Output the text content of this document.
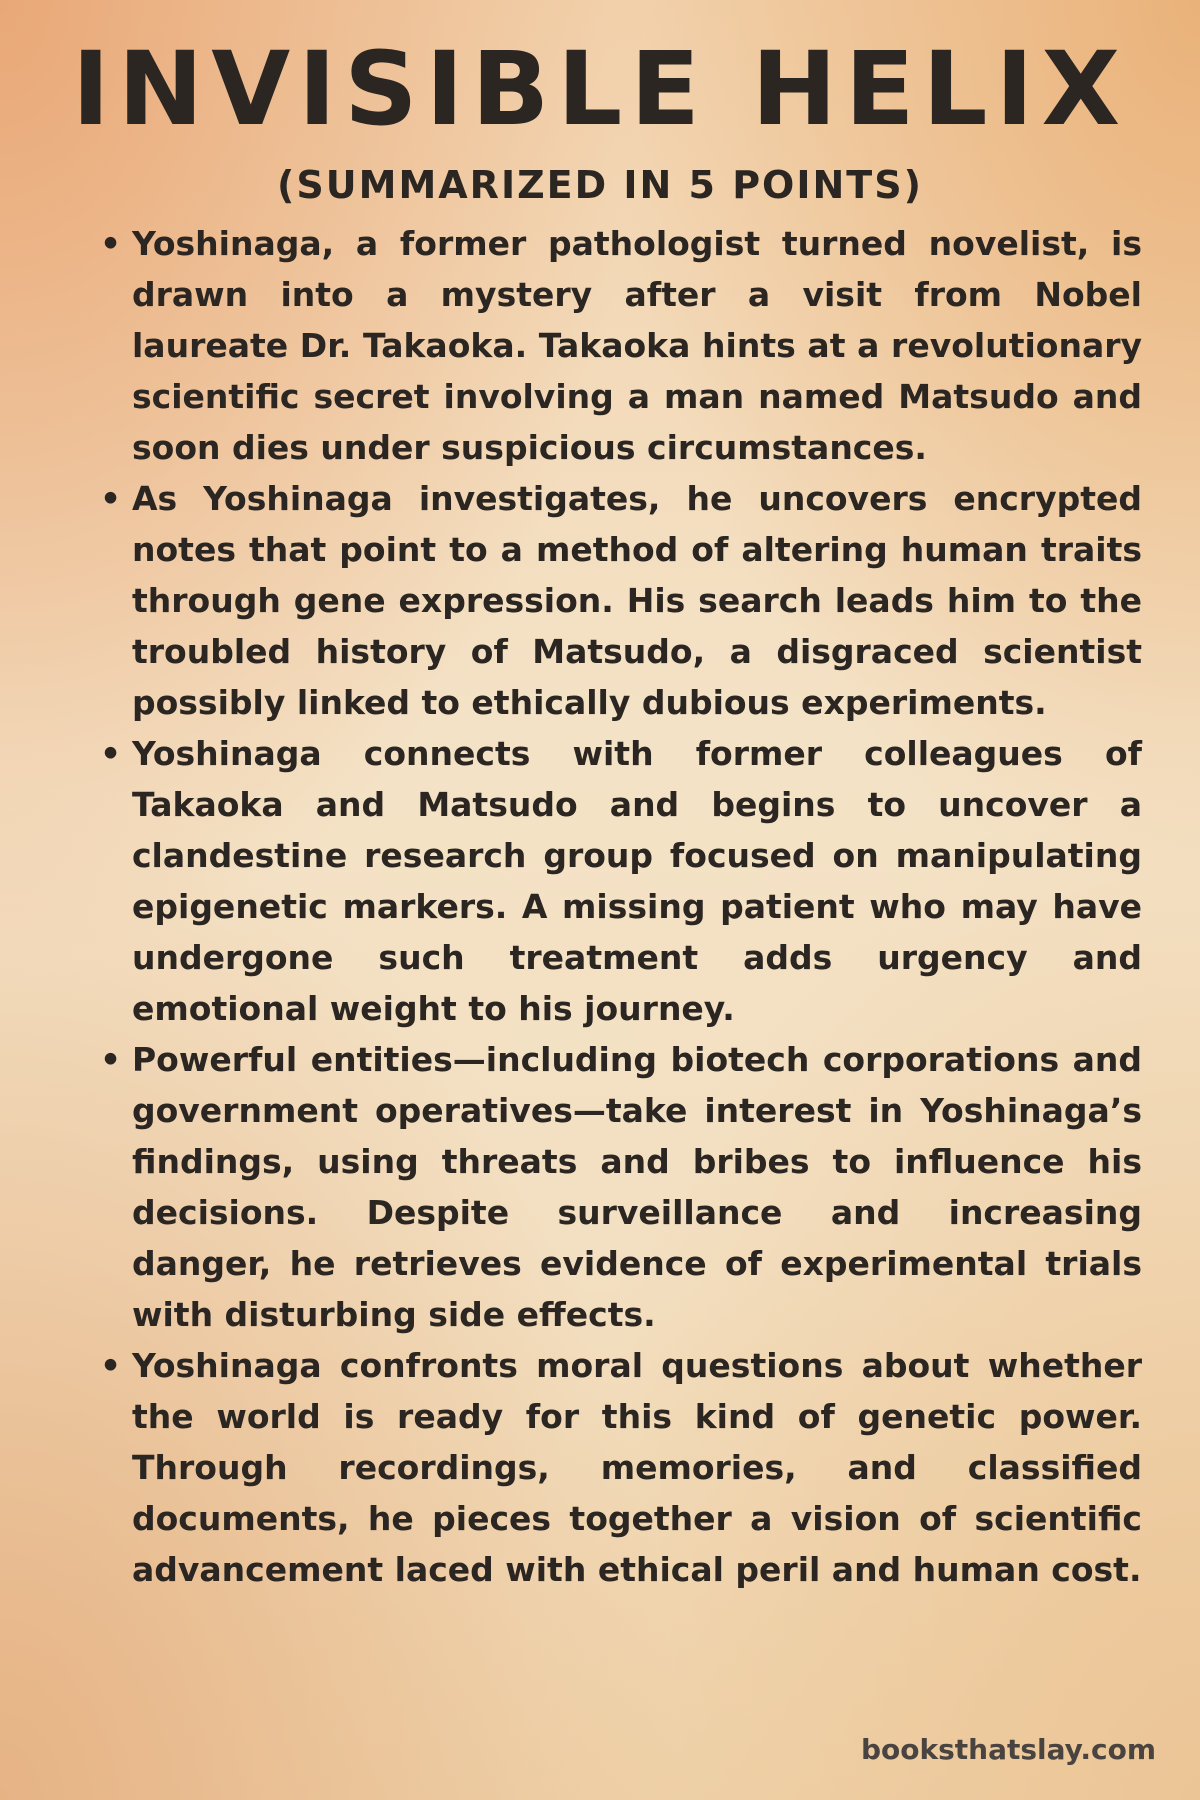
INVISIBLE HELIX
(SUMMARIZED IN 5 POINTS)
• Yoshinaga, a former pathologist turned novelist, is drawn into a mystery after a visit from Nobel laureate Dr. Takaoka. Takaoka hints at a revolutionary scientific secret involving a man named Matsudo and soon dies under suspicious circumstances.
• As Yoshinaga investigates, he uncovers encrypted notes that point to a method of altering human traits through gene expression. His search leads him to the troubled history of Matsudo, a disgraced scientist possibly linked to ethically dubious experiments.
• Yoshinaga connects with former colleagues of Takaoka and Matsudo and begins to uncover a clandestine research group focused on manipulating epigenetic markers. A missing patient who may have undergone such treatment adds urgency and emotional weight to his journey.
• Powerful entities—including biotech corporations and government operatives—take interest in Yoshinaga’s findings, using threats and bribes to influence his decisions. Despite surveillance and increasing danger, he retrieves evidence of experimental trials with disturbing side effects.
• Yoshinaga confronts moral questions about whether the world is ready for this kind of genetic power. Through recordings, memories, and classified documents, he pieces together a vision of scientific advancement laced with ethical peril and human cost.
booksthatslay.com
